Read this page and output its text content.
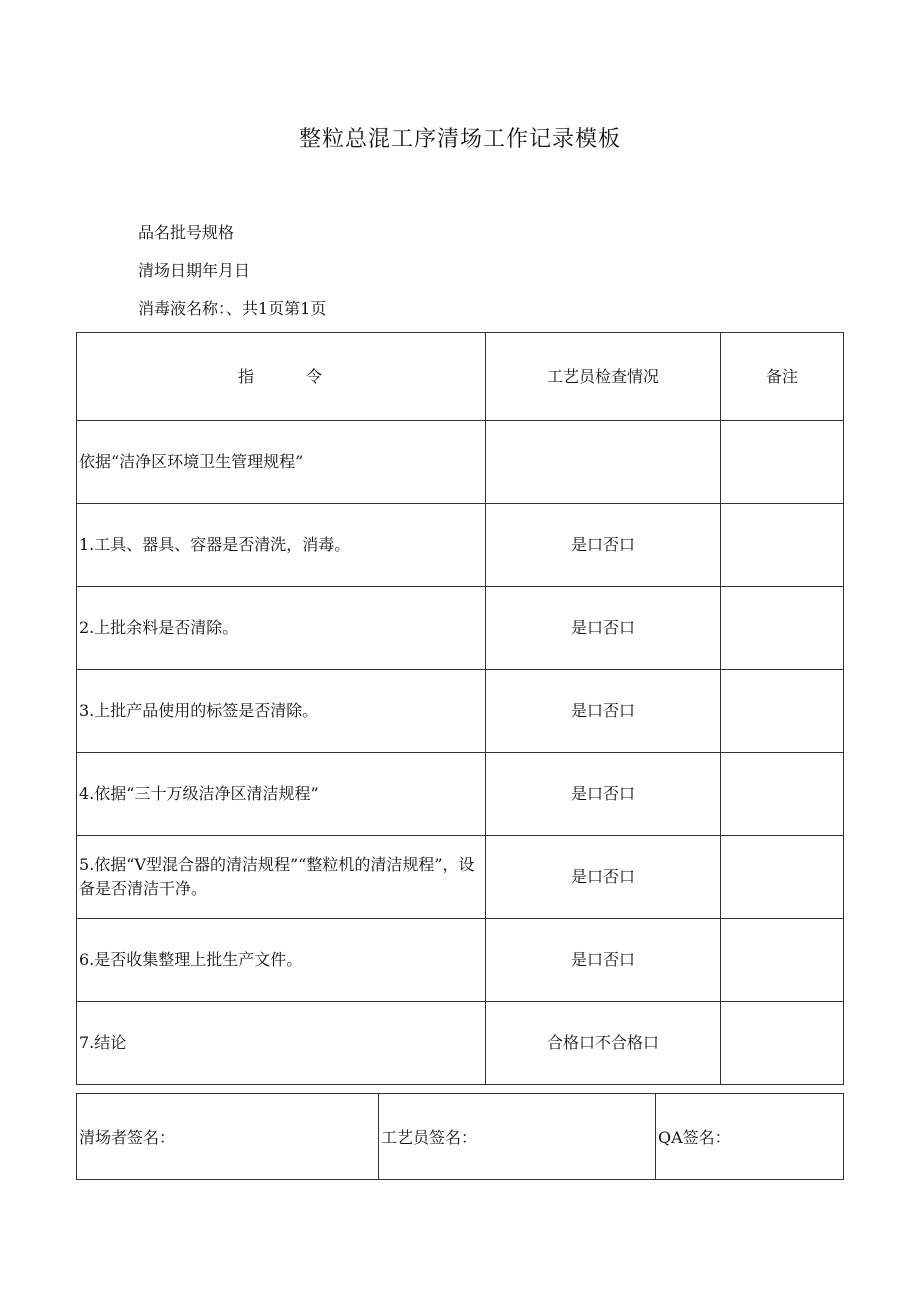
整粒总混工序清场工作记录模板
品名批号规格
清场日期年月日
消毒液名称：、共1页第1页
指 令	工艺员检查情况	备注
依据“洁净区环境卫生管理规程”		
1.工具、器具、容器是否清洗，消毒。	是口否口	
2.上批余料是否清除。	是口否口	
3.上批产品使用的标签是否清除。	是口否口	
4.依据“三十万级洁净区清洁规程”	是口否口	
5.依据“V型混合器的清洁规程”“整粒机的清洁规程”，设备是否清洁干净。	是口否口	
6.是否收集整理上批生产文件。	是口否口	
7.结论	合格口不合格口	
清场者签名：	工艺员签名：	QA签名：
